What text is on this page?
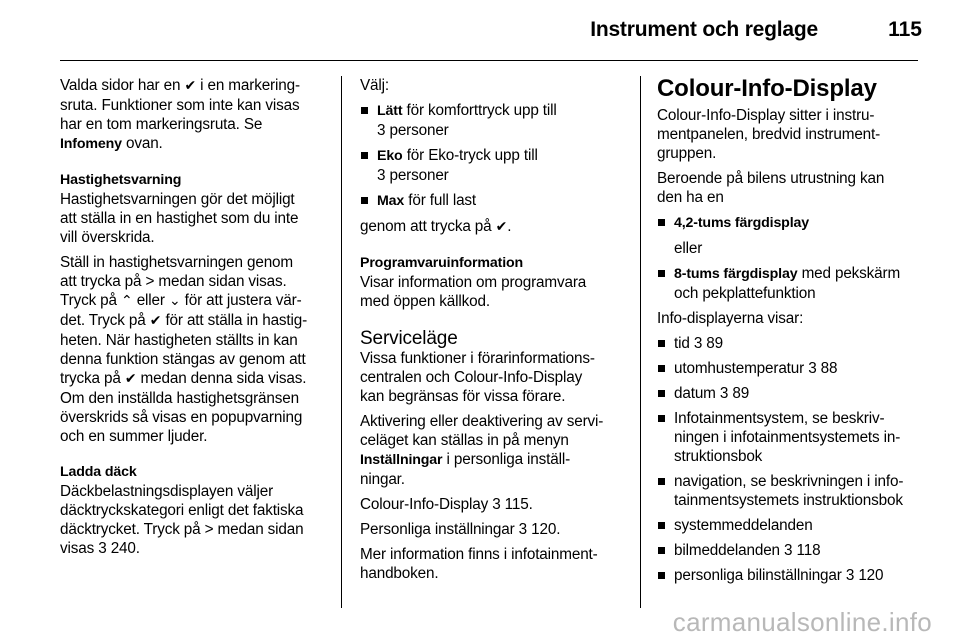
Instrument och reglage	115

Valda sidor har en ✔ i en markering-
sruta. Funktioner som inte kan visas
har en tom markeringsruta. Se
Infomeny ovan.

Hastighetsvarning

Hastighetsvarningen gör det möjligt
att ställa in en hastighet som du inte
vill överskrida.

Ställ in hastighetsvarningen genom
att trycka på > medan sidan visas.
Tryck på ⌃ eller ⌄ för att justera vär-
det. Tryck på ✔ för att ställa in hastig-
heten. När hastigheten ställts in kan
denna funktion stängas av genom att
trycka på ✔ medan denna sida visas.
Om den inställda hastighetsgränsen
överskrids så visas en popupvarning
och en summer ljuder.

Ladda däck

Däckbelastningsdisplayen väljer
däcktryckskategori enligt det faktiska
däcktrycket. Tryck på > medan sidan
visas 3 240.

Välj:

Lätt för komforttryck upp till
3 personer
Eko för Eko-tryck upp till
3 personer
Max för full last

genom att trycka på ✔.

Programvaruinformation

Visar information om programvara
med öppen källkod.

Serviceläge

Vissa funktioner i förarinformations-
centralen och Colour-Info-Display
kan begränsas för vissa förare.

Aktivering eller deaktivering av servi-
celäget kan ställas in på menyn
Inställningar i personliga inställ-
ningar.

Colour-Info-Display 3 115.

Personliga inställningar 3 120.

Mer information finns i infotainment-
handboken.

Colour-Info-Display

Colour-Info-Display sitter i instru-
mentpanelen, bredvid instrument-
gruppen.

Beroende på bilens utrustning kan
den ha en

4,2-tums färgdisplay
eller
8-tums färgdisplay med pekskärm
och pekplattefunktion

Info-displayerna visar:

tid 3 89
utomhustemperatur 3 88
datum 3 89
Infotainmentsystem, se beskriv-
ningen i infotainmentsystemets in-
struktionsbok
navigation, se beskrivningen i info-
tainmentsystemets instruktionsbok
systemmeddelanden
bilmeddelanden 3 118
personliga bilinställningar 3 120
carmanualsonline.info
